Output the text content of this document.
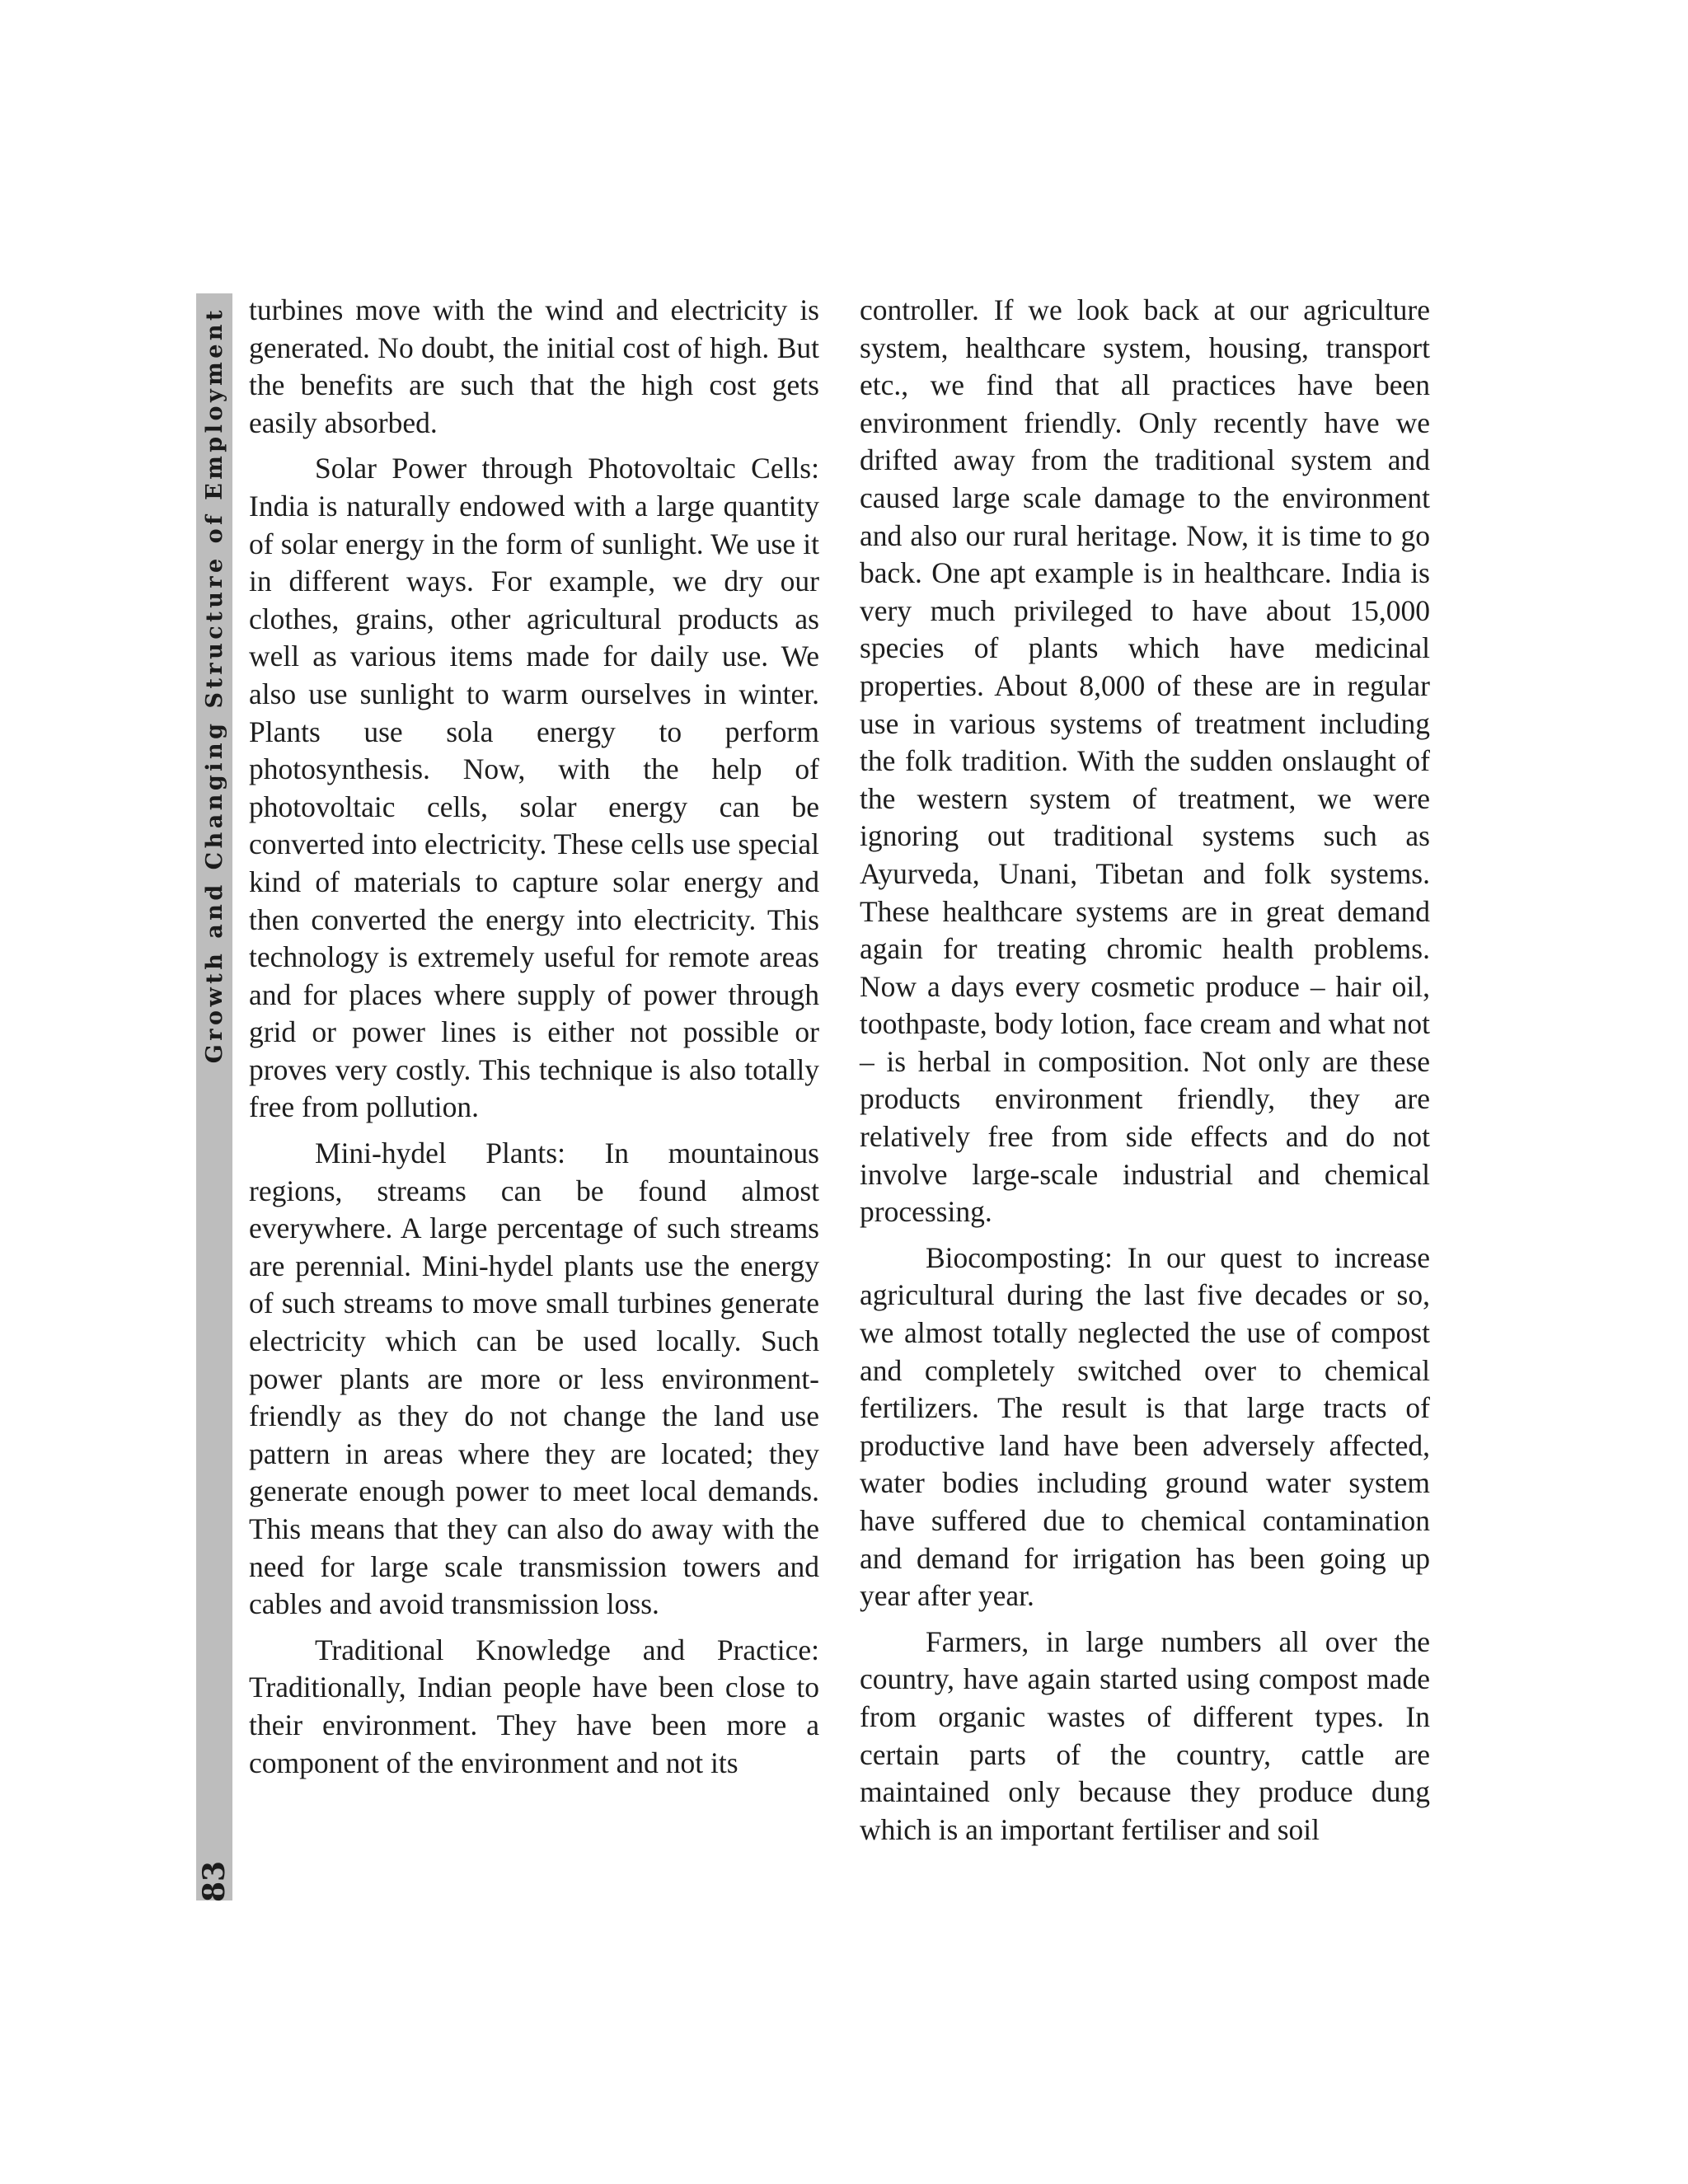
Growth and Changing Structure of Employment
83

turbines move with the wind and electricity is generated. No doubt, the initial cost of high. But the benefits are such that the high cost gets easily absorbed.

Solar Power through Photovoltaic Cells: India is naturally endowed with a large quantity of solar energy in the form of sunlight. We use it in different ways. For example, we dry our clothes, grains, other agricultural products as well as various items made for daily use. We also use sunlight to warm ourselves in winter. Plants use sola energy to perform photosynthesis. Now, with the help of photovoltaic cells, solar energy can be converted into electricity. These cells use special kind of materials to capture solar energy and then converted the energy into electricity. This technology is extremely useful for remote areas and for places where supply of power through grid or power lines is either not possible or proves very costly. This technique is also totally free from pollution.

Mini-hydel Plants: In mountainous regions, streams can be found almost everywhere. A large percentage of such streams are perennial. Mini-hydel plants use the energy of such streams to move small turbines generate electricity which can be used locally. Such power plants are more or less environment-friendly as they do not change the land use pattern in areas where they are located; they generate enough power to meet local demands. This means that they can also do away with the need for large scale transmission towers and cables and avoid transmission loss.

Traditional Knowledge and Practice: Traditionally, Indian people have been close to their environment. They have been more a component of the environment and not its

controller. If we look back at our agriculture system, healthcare system, housing, transport etc., we find that all practices have been environment friendly. Only recently have we drifted away from the traditional system and caused large scale damage to the environment and also our rural heritage. Now, it is time to go back. One apt example is in healthcare. India is very much privileged to have about 15,000 species of plants which have medicinal properties. About 8,000 of these are in regular use in various systems of treatment including the folk tradition. With the sudden onslaught of the western system of treatment, we were ignoring out traditional systems such as Ayurveda, Unani, Tibetan and folk systems. These healthcare systems are in great demand again for treating chromic health problems. Now a days every cosmetic produce – hair oil, toothpaste, body lotion, face cream and what not – is herbal in composition. Not only are these products environment friendly, they are relatively free from side effects and do not involve large-scale industrial and chemical processing.

Biocomposting: In our quest to increase agricultural during the last five decades or so, we almost totally neglected the use of compost and completely switched over to chemical fertilizers. The result is that large tracts of productive land have been adversely affected, water bodies including ground water system have suffered due to chemical contamination and demand for irrigation has been going up year after year.

Farmers, in large numbers all over the country, have again started using compost made from organic wastes of different types. In certain parts of the country, cattle are maintained only because they produce dung which is an important fertiliser and soil
